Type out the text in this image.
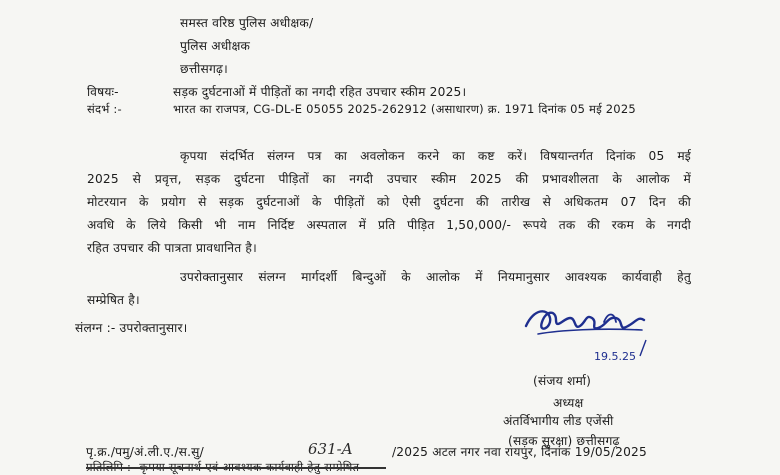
समस्त वरिष्ठ पुलिस अधीक्षक/
पुलिस अधीक्षक
छत्तीसगढ़।
विषयः-	सड़क दुर्घटनाओं में पीड़ितों का नगदी रहित उपचार स्कीम 2025।
संदर्भ :-	भारत का राजपत्र, CG-DL-E 05055 2025-262912 (असाधारण) क्र. 1971 दिनांक 05 मई 2025
कृपया संदर्भित संलग्न पत्र का अवलोकन करने का कष्ट करें। विषयान्तर्गत दिनांक 05 मई
2025 से प्रवृत्त, सड़क दुर्घटना पीड़ितों का नगदी उपचार स्कीम 2025 की प्रभावशीलता के आलोक में
मोटरयान के प्रयोग से सड़क दुर्घटनाओं के पीड़ितों को ऐसी दुर्घटना की तारीख से अधिकतम 07 दिन की
अवधि के लिये किसी भी नाम निर्दिष्ट अस्पताल में प्रति पीड़ित 1,50,000/- रूपये तक की रकम के नगदी
रहित उपचार की पात्रता प्रावधानित है।
उपरोक्तानुसार संलग्न मार्गदर्शी बिन्दुओं के आलोक में नियमानुसार आवश्यक कार्यवाही हेतु
सम्प्रेषित है।
संलग्न :- उपरोक्तानुसार।
19.5.25
(संजय शर्मा)
अध्यक्ष
अंतर्विभागीय लीड एजेंसी
(सड़क सुरक्षा) छत्तीसगढ़
पृ.क्र./पमु/अं.ली.ए./स.सु/	631-A	/2025 अटल नगर नवा रायपुर, दिनांक 19/05/2025
